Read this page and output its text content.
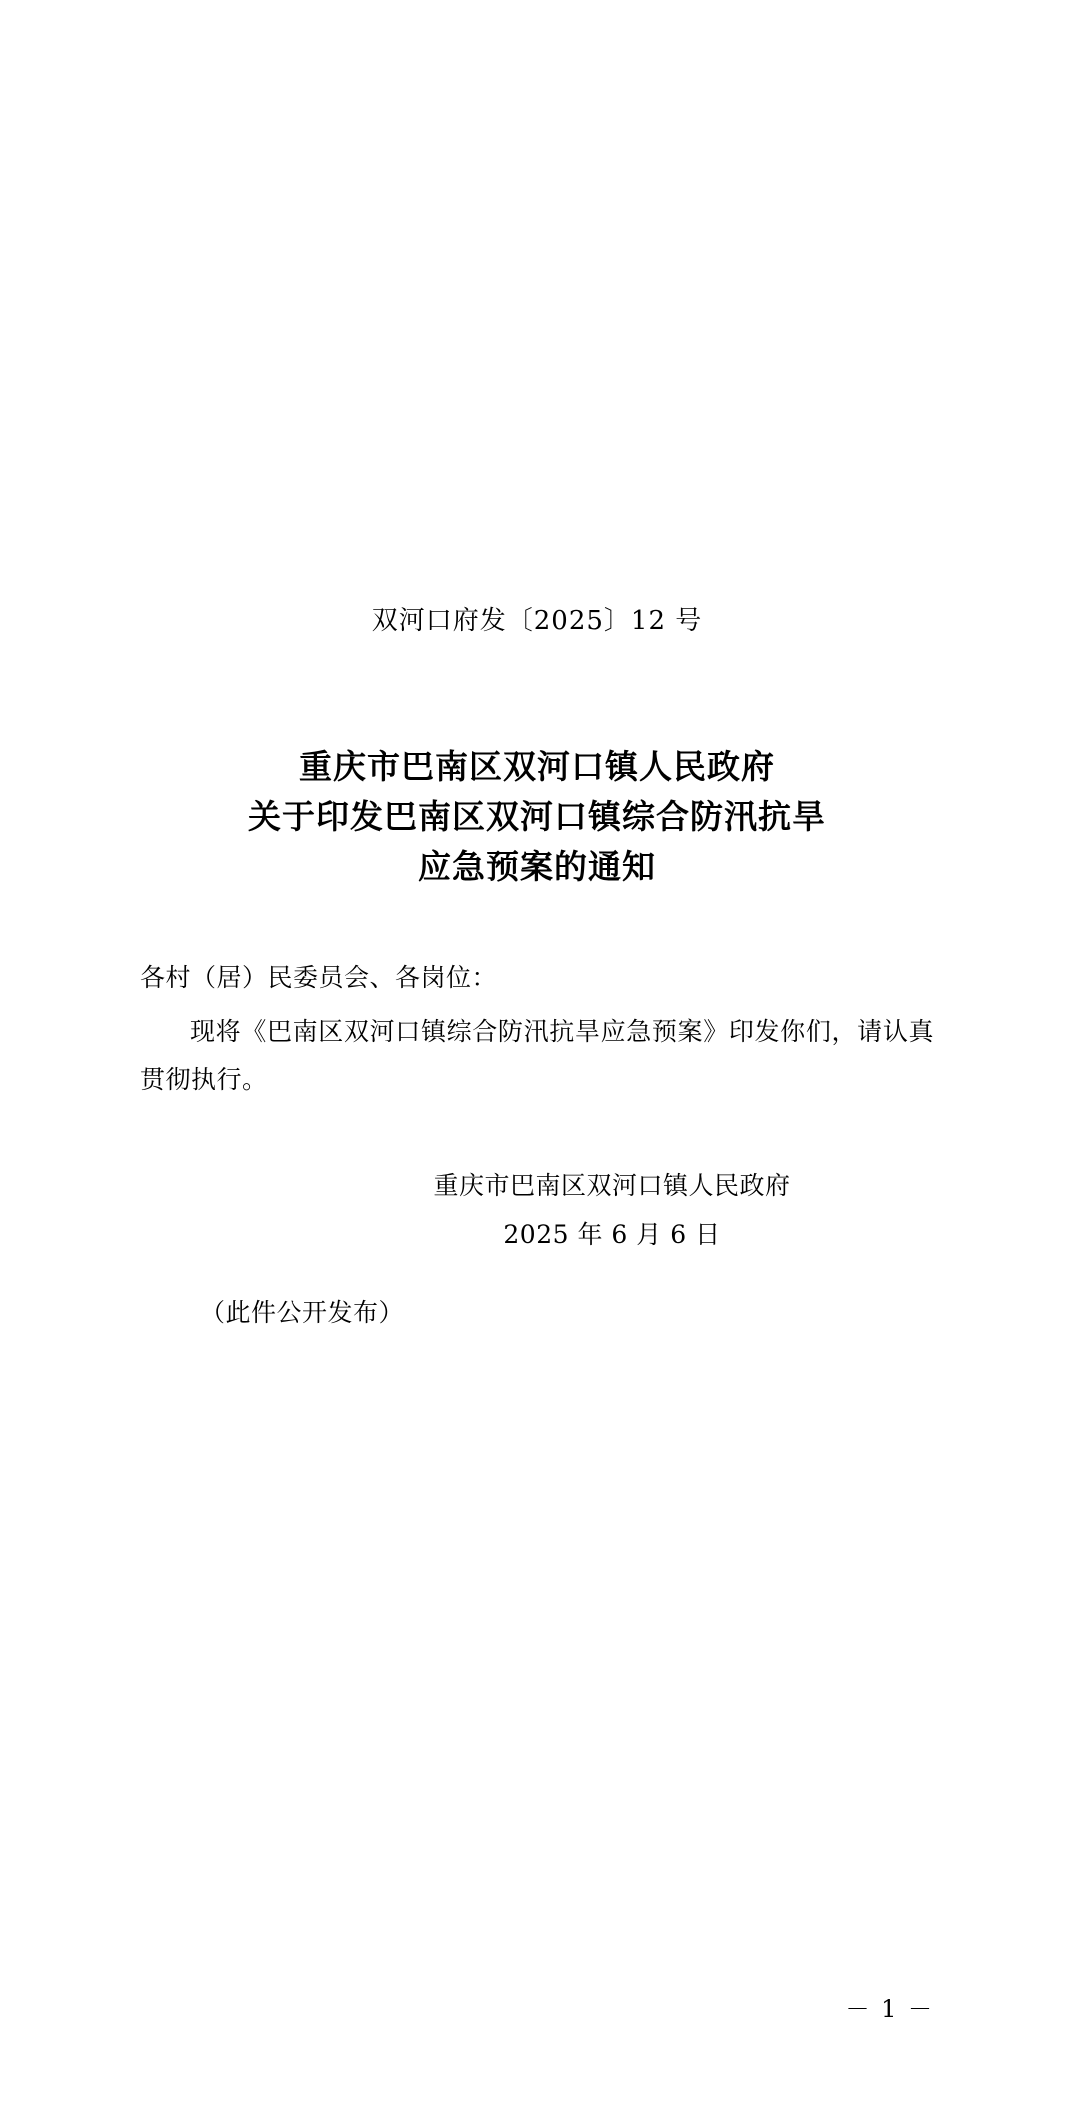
双河口府发〔2025〕12 号
重庆市巴南区双河口镇人民政府
关于印发巴南区双河口镇综合防汛抗旱
应急预案的通知
各村（居）民委员会、各岗位：
现将《巴南区双河口镇综合防汛抗旱应急预案》印发你们，请认真贯彻执行。
重庆市巴南区双河口镇人民政府
2025 年 6 月 6 日
（此件公开发布）
－ 1 －
